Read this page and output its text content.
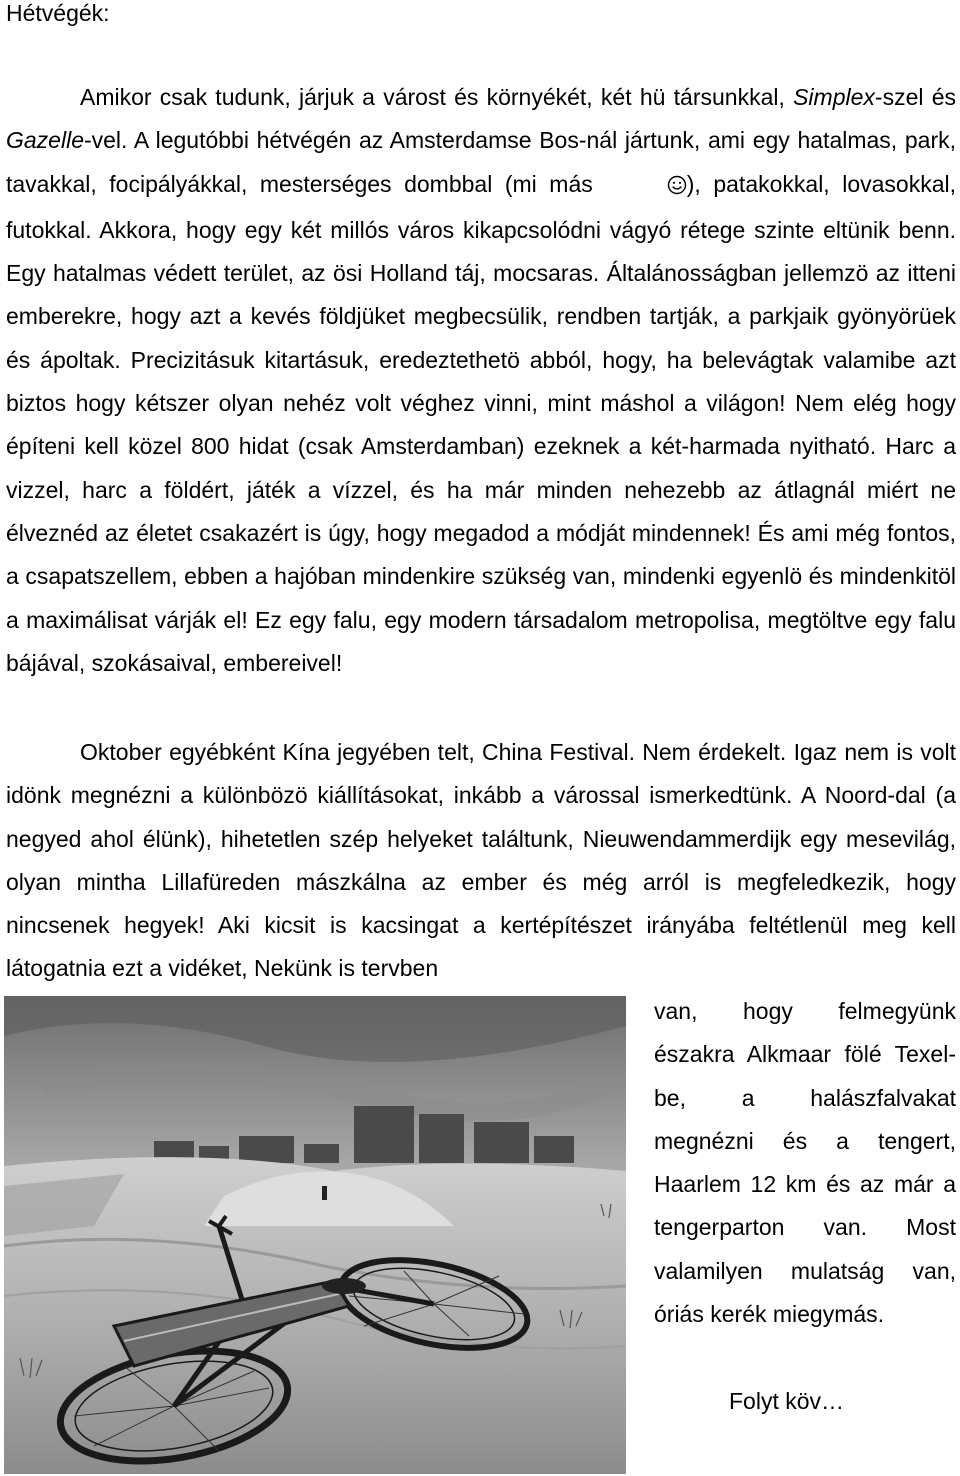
Hétvégék:

Amikor csak tudunk, járjuk a várost és környékét, két hü társunkkal, Simplex-szel és Gazelle-vel. A legutóbbi hétvégén az Amsterdamse Bos-nál jártunk, ami egy hatalmas, park, tavakkal, focipályákkal, mesterséges dombbal (mi más	), patakokkal, lovasokkal, futokkal. Akkora, hogy egy két millós város kikapcsolódni vágyó rétege szinte eltünik benn. Egy hatalmas védett terület, az ösi Holland táj, mocsaras. Általánosságban jellemzö az itteni emberekre, hogy azt a kevés földjüket megbecsülik, rendben tartják, a parkjaik gyönyörüek és ápoltak. Precizitásuk kitartásuk, eredeztethetö abból, hogy, ha belevágtak valamibe azt biztos hogy kétszer olyan nehéz volt véghez vinni, mint máshol a világon! Nem elég hogy építeni kell közel 800 hidat (csak Amsterdamban) ezeknek a két-harmada nyitható. Harc a vizzel, harc a földért, játék a vízzel, és ha már minden nehezebb az átlagnál miért ne élveznéd az életet csakazért is úgy, hogy megadod a módját mindennek! És ami még fontos, a csapatszellem, ebben a hajóban mindenkire szükség van, mindenki egyenlö és mindenkitöl a maximálisat várják el! Ez egy falu, egy modern társadalom metropolisa, megtöltve egy falu bájával, szokásaival, embereivel!

Oktober egyébként Kína jegyében telt, China Festival. Nem érdekelt. Igaz nem is volt idönk megnézni a különbözö kiállításokat, inkább a várossal ismerkedtünk. A Noord-dal (a negyed ahol élünk), hihetetlen szép helyeket találtunk, Nieuwendammerdijk egy mesevilág, olyan mintha Lillafüreden mászkálna az ember és még arról is megfeledkezik, hogy nincsenek hegyek! Aki kicsit is kacsingat a kertépítészet irányába feltétlenül meg kell látogatnia ezt a vidéket, Nekünk is tervben

van, hogy felmegyünk északra Alkmaar fölé Texel-be, a halászfalvakat megnézni és a tengert, Haarlem 12 km és az már a tengerparton van. Most valamilyen mulatság van,
óriás kerék miegymás.
Folyt köv…
